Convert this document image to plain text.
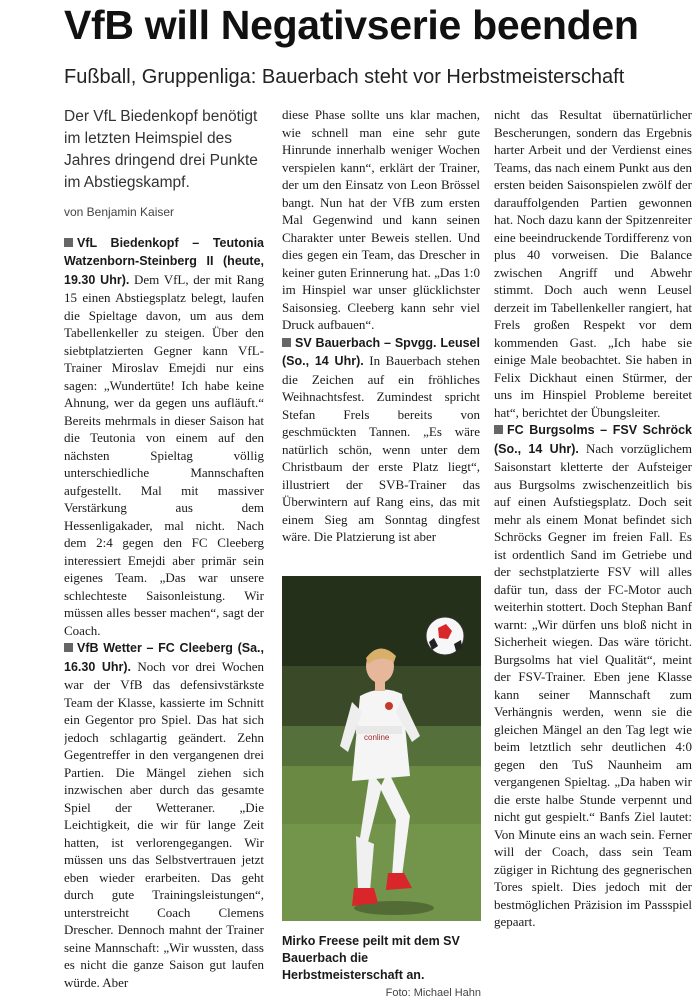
VfB will Negativserie beenden
Fußball, Gruppenliga: Bauerbach steht vor Herbstmeisterschaft

Der VfL Biedenkopf benötigt im letzten Heimspiel des Jahres dringend drei Punkte im Abstiegskampf.

von Benjamin Kaiser

VfL Biedenkopf – Teutonia Watzenborn-Steinberg II (heute, 19.30 Uhr). Dem VfL, der mit Rang 15 einen Abstiegsplatz belegt, laufen die Spieltage davon, um aus dem Tabellenkeller zu steigen. Über den siebtplatzierten Gegner kann VfL-Trainer Miroslav Emejdi nur eins sagen: „Wundertüte! Ich habe keine Ahnung, wer da gegen uns aufläuft.“ Bereits mehrmals in dieser Saison hat die Teutonia von einem auf den nächsten Spieltag völlig unterschiedliche Mannschaften aufgestellt. Mal mit massiver Verstärkung aus dem Hessenligakader, mal nicht. Nach dem 2:4 gegen den FC Cleeberg interessiert Emejdi aber primär sein eigenes Team. „Das war unsere schlechteste Saisonleistung. Wir müssen alles besser machen“, sagt der Coach.

VfB Wetter – FC Cleeberg (Sa., 16.30 Uhr). Noch vor drei Wochen war der VfB das defensivstärkste Team der Klasse, kassierte im Schnitt ein Gegentor pro Spiel. Das hat sich jedoch schlagartig geändert. Zehn Gegentreffer in den vergangenen drei Partien. Die Mängel ziehen sich inzwischen aber durch das gesamte Spiel der Wetteraner. „Die Leichtigkeit, die wir für lange Zeit hatten, ist verlorengegangen. Wir müssen uns das Selbstvertrauen jetzt eben wieder erarbeiten. Das geht durch gute Trainingsleistungen“, unterstreicht Coach Clemens Drescher. Dennoch mahnt der Trainer seine Mannschaft: „Wir wussten, dass es nicht die ganze Saison gut laufen würde. Aber

diese Phase sollte uns klar machen, wie schnell man eine sehr gute Hinrunde innerhalb weniger Wochen verspielen kann“, erklärt der Trainer, der um den Einsatz von Leon Brössel bangt. Nun hat der VfB zum ersten Mal Gegenwind und kann seinen Charakter unter Beweis stellen. Und dies gegen ein Team, das Drescher in keiner guten Erinnerung hat. „Das 1:0 im Hinspiel war unser glücklichster Saisonsieg. Cleeberg kann sehr viel Druck aufbauen“.

SV Bauerbach – Spvgg. Leusel (So., 14 Uhr). In Bauerbach stehen die Zeichen auf ein fröhliches Weihnachtsfest. Zumindest spricht Stefan Frels bereits von geschmückten Tannen. „Es wäre natürlich schön, wenn unter dem Christbaum der erste Platz liegt“, illustriert der SVB-Trainer das Überwintern auf Rang eins, das mit einem Sieg am Sonntag dingfest wäre. Die Platzierung ist aber

conline
Mirko Freese peilt mit dem SV Bauerbach die Herbstmeisterschaft an.
Foto: Michael Hahn

nicht das Resultat übernatürlicher Bescherungen, sondern das Ergebnis harter Arbeit und der Verdienst eines Teams, das nach einem Punkt aus den ersten beiden Saisonspielen zwölf der darauffolgenden Partien gewonnen hat. Noch dazu kann der Spitzenreiter eine beeindruckende Tordifferenz von plus 40 vorweisen. Die Balance zwischen Angriff und Abwehr stimmt. Doch auch wenn Leusel derzeit im Tabellenkeller rangiert, hat Frels großen Respekt vor dem kommenden Gast. „Ich habe sie einige Male beobachtet. Sie haben in Felix Dickhaut einen Stürmer, der uns im Hinspiel Probleme bereitet hat“, berichtet der Übungsleiter.

FC Burgsolms – FSV Schröck (So., 14 Uhr). Nach vorzüglichem Saisonstart kletterte der Aufsteiger aus Burgsolms zwischenzeitlich bis auf einen Aufstiegsplatz. Doch seit mehr als einem Monat befindet sich Schröcks Gegner im freien Fall. Es ist ordentlich Sand im Getriebe und der sechstplatzierte FSV will alles dafür tun, dass der FC-Motor auch weiterhin stottert. Doch Stephan Banf warnt: „Wir dürfen uns bloß nicht in Sicherheit wiegen. Das wäre töricht. Burgsolms hat viel Qualität“, meint der FSV-Trainer. Eben jene Klasse kann seiner Mannschaft zum Verhängnis werden, wenn sie die gleichen Mängel an den Tag legt wie beim letztlich sehr deutlichen 4:0 gegen den TuS Naunheim am vergangenen Spieltag. „Da haben wir die erste halbe Stunde verpennt und nicht gut gespielt.“ Banfs Ziel lautet: Von Minute eins an wach sein. Ferner will der Coach, dass sein Team zügiger in Richtung des gegnerischen Tores spielt. Dies jedoch mit der bestmöglichen Präzision im Passspiel gepaart.
